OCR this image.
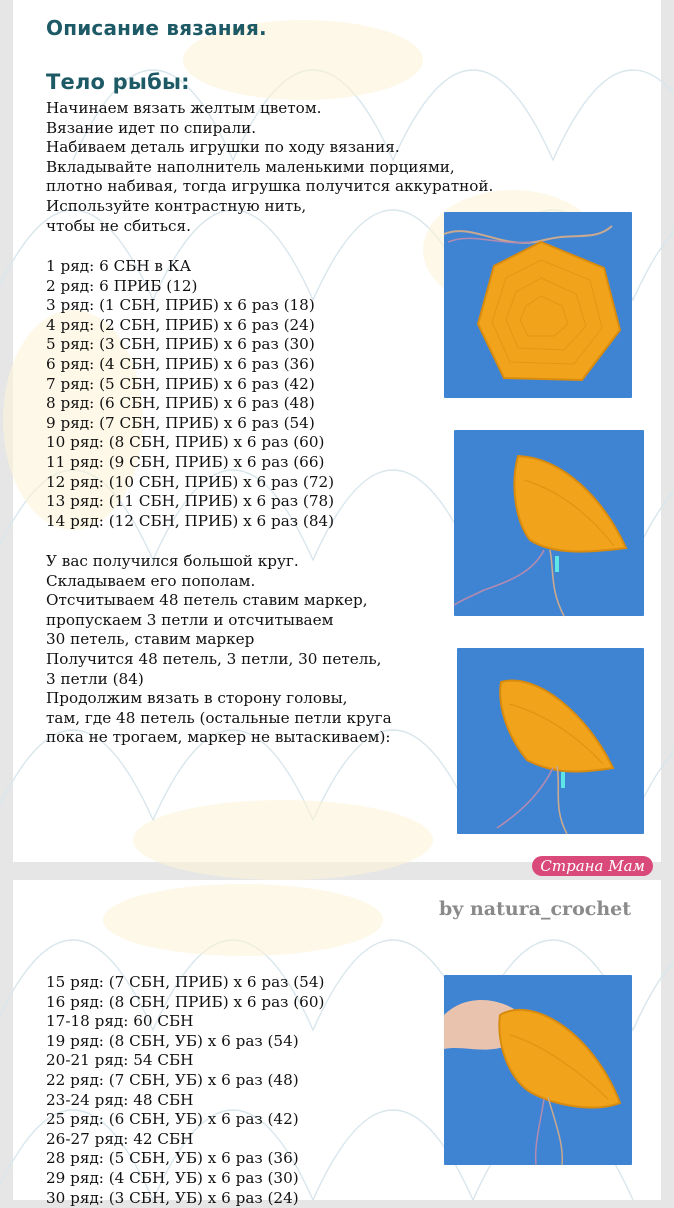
Описание вязания.
Тело рыбы:
Начинаем вязать желтым цветом.
Вязание идет по спирали.
Набиваем деталь игрушки по ходу вязания.
Вкладывайте наполнитель маленькими порциями,
плотно набивая, тогда игрушка получится аккуратной.
Используйте контрастную нить,
чтобы не сбиться.
1 ряд: 6 СБН в КА
2 ряд: 6 ПРИБ (12)
3 ряд: (1 СБН, ПРИБ) х 6 раз (18)
4 ряд: (2 СБН, ПРИБ) х 6 раз (24)
5 ряд: (3 СБН, ПРИБ) х 6 раз (30)
6 ряд: (4 СБН, ПРИБ) х 6 раз (36)
7 ряд: (5 СБН, ПРИБ) х 6 раз (42)
8 ряд: (6 СБН, ПРИБ) х 6 раз (48)
9 ряд: (7 СБН, ПРИБ) х 6 раз (54)
10 ряд: (8 СБН, ПРИБ) х 6 раз (60)
11 ряд: (9 СБН, ПРИБ) х 6 раз (66)
12 ряд: (10 СБН, ПРИБ) х 6 раз (72)
13 ряд: (11 СБН, ПРИБ) х 6 раз (78)
14 ряд: (12 СБН, ПРИБ) х 6 раз (84)
У вас получился большой круг.
Складываем его пополам.
Отсчитываем 48 петель ставим маркер,
пропускаем 3 петли и отсчитываем
30 петель, ставим маркер
Получится 48 петель, 3 петли, 30 петель,
3 петли (84)
Продолжим вязать в сторону головы,
там, где 48 петель (остальные петли круга
пока не трогаем, маркер не вытаскиваем):
by natura_crochet
15 ряд: (7 СБН, ПРИБ) х 6 раз (54)
16 ряд: (8 СБН, ПРИБ) х 6 раз (60)
17-18 ряд: 60 СБН
19 ряд: (8 СБН, УБ) х 6 раз (54)
20-21 ряд: 54 СБН
22 ряд: (7 СБН, УБ) х 6 раз (48)
23-24 ряд: 48 СБН
25 ряд: (6 СБН, УБ) х 6 раз (42)
26-27 ряд: 42 СБН
28 ряд: (5 СБН, УБ) х 6 раз (36)
29 ряд: (4 СБН, УБ) х 6 раз (30)
30 ряд: (3 СБН, УБ) х 6 раз (24)
Страна Мам
